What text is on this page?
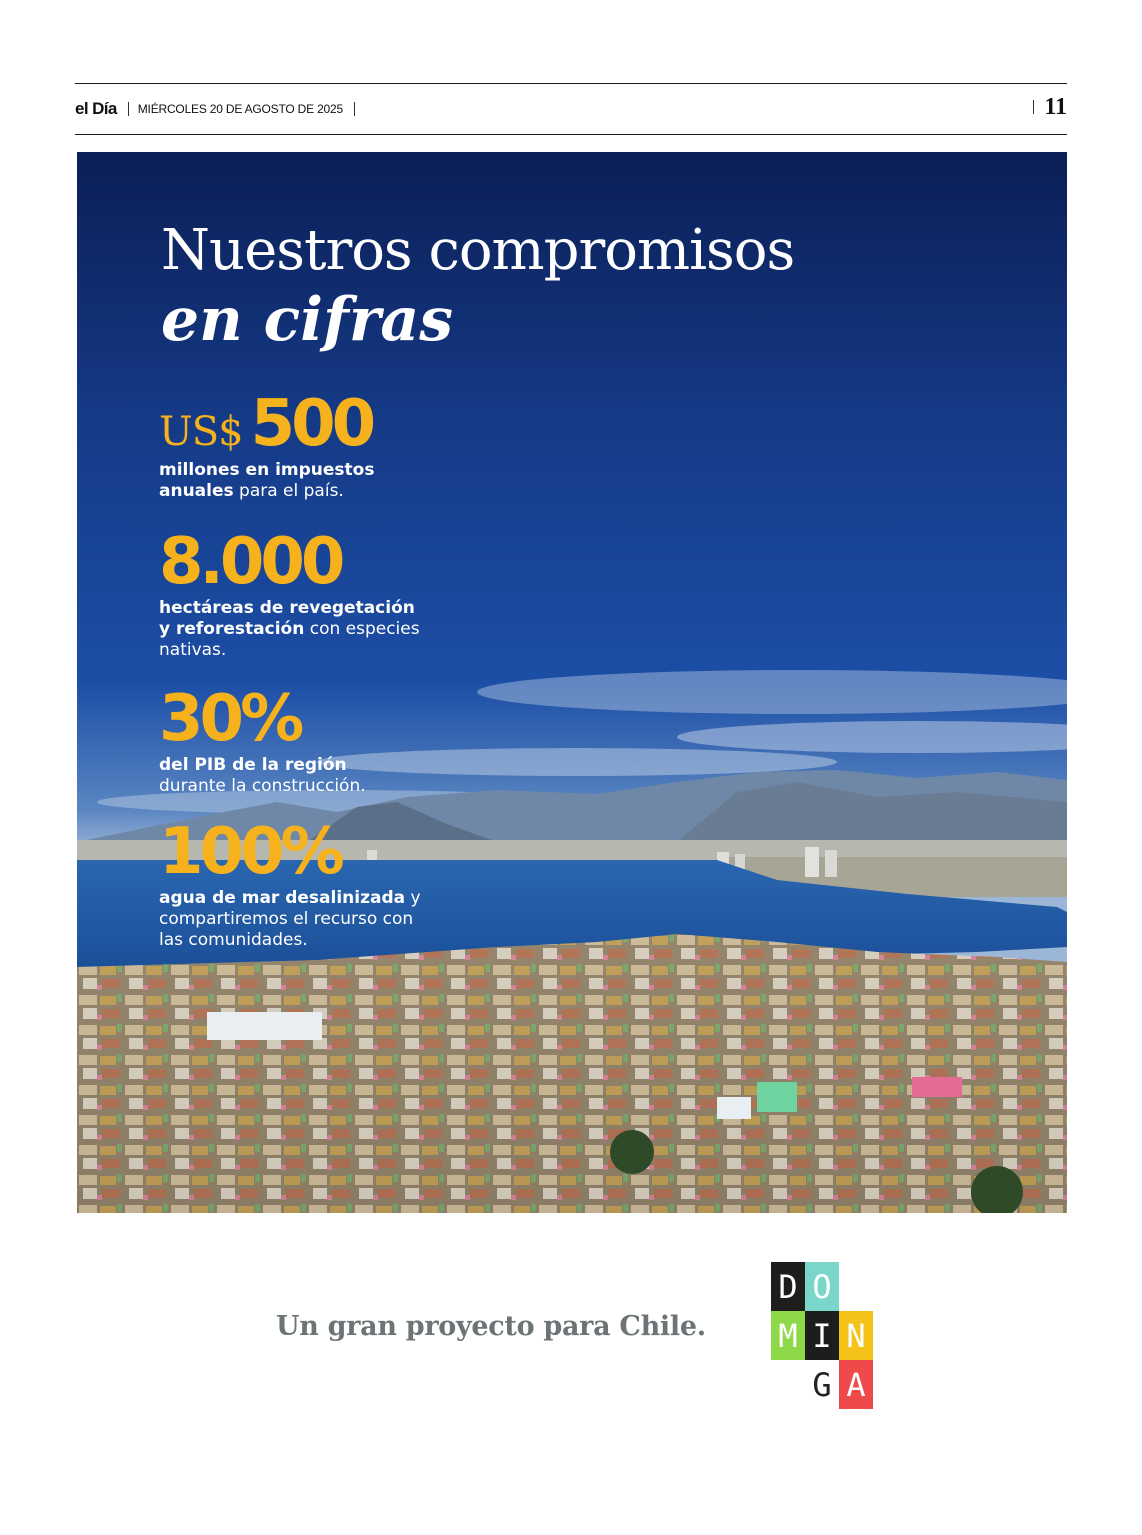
el Día MIÉRCOLES 20 DE AGOSTO DE 2025	11
Nuestros compromisos
en cifras
US$ 500
millones en impuestos anuales para el país.
8.000
hectáreas de revegetación y reforestación con especies nativas.
30%
del PIB de la región durante la construcción.
100%
agua de mar desalinizada y compartiremos el recurso con las comunidades.
Un gran proyecto para Chile.
D O
M I N
G A
